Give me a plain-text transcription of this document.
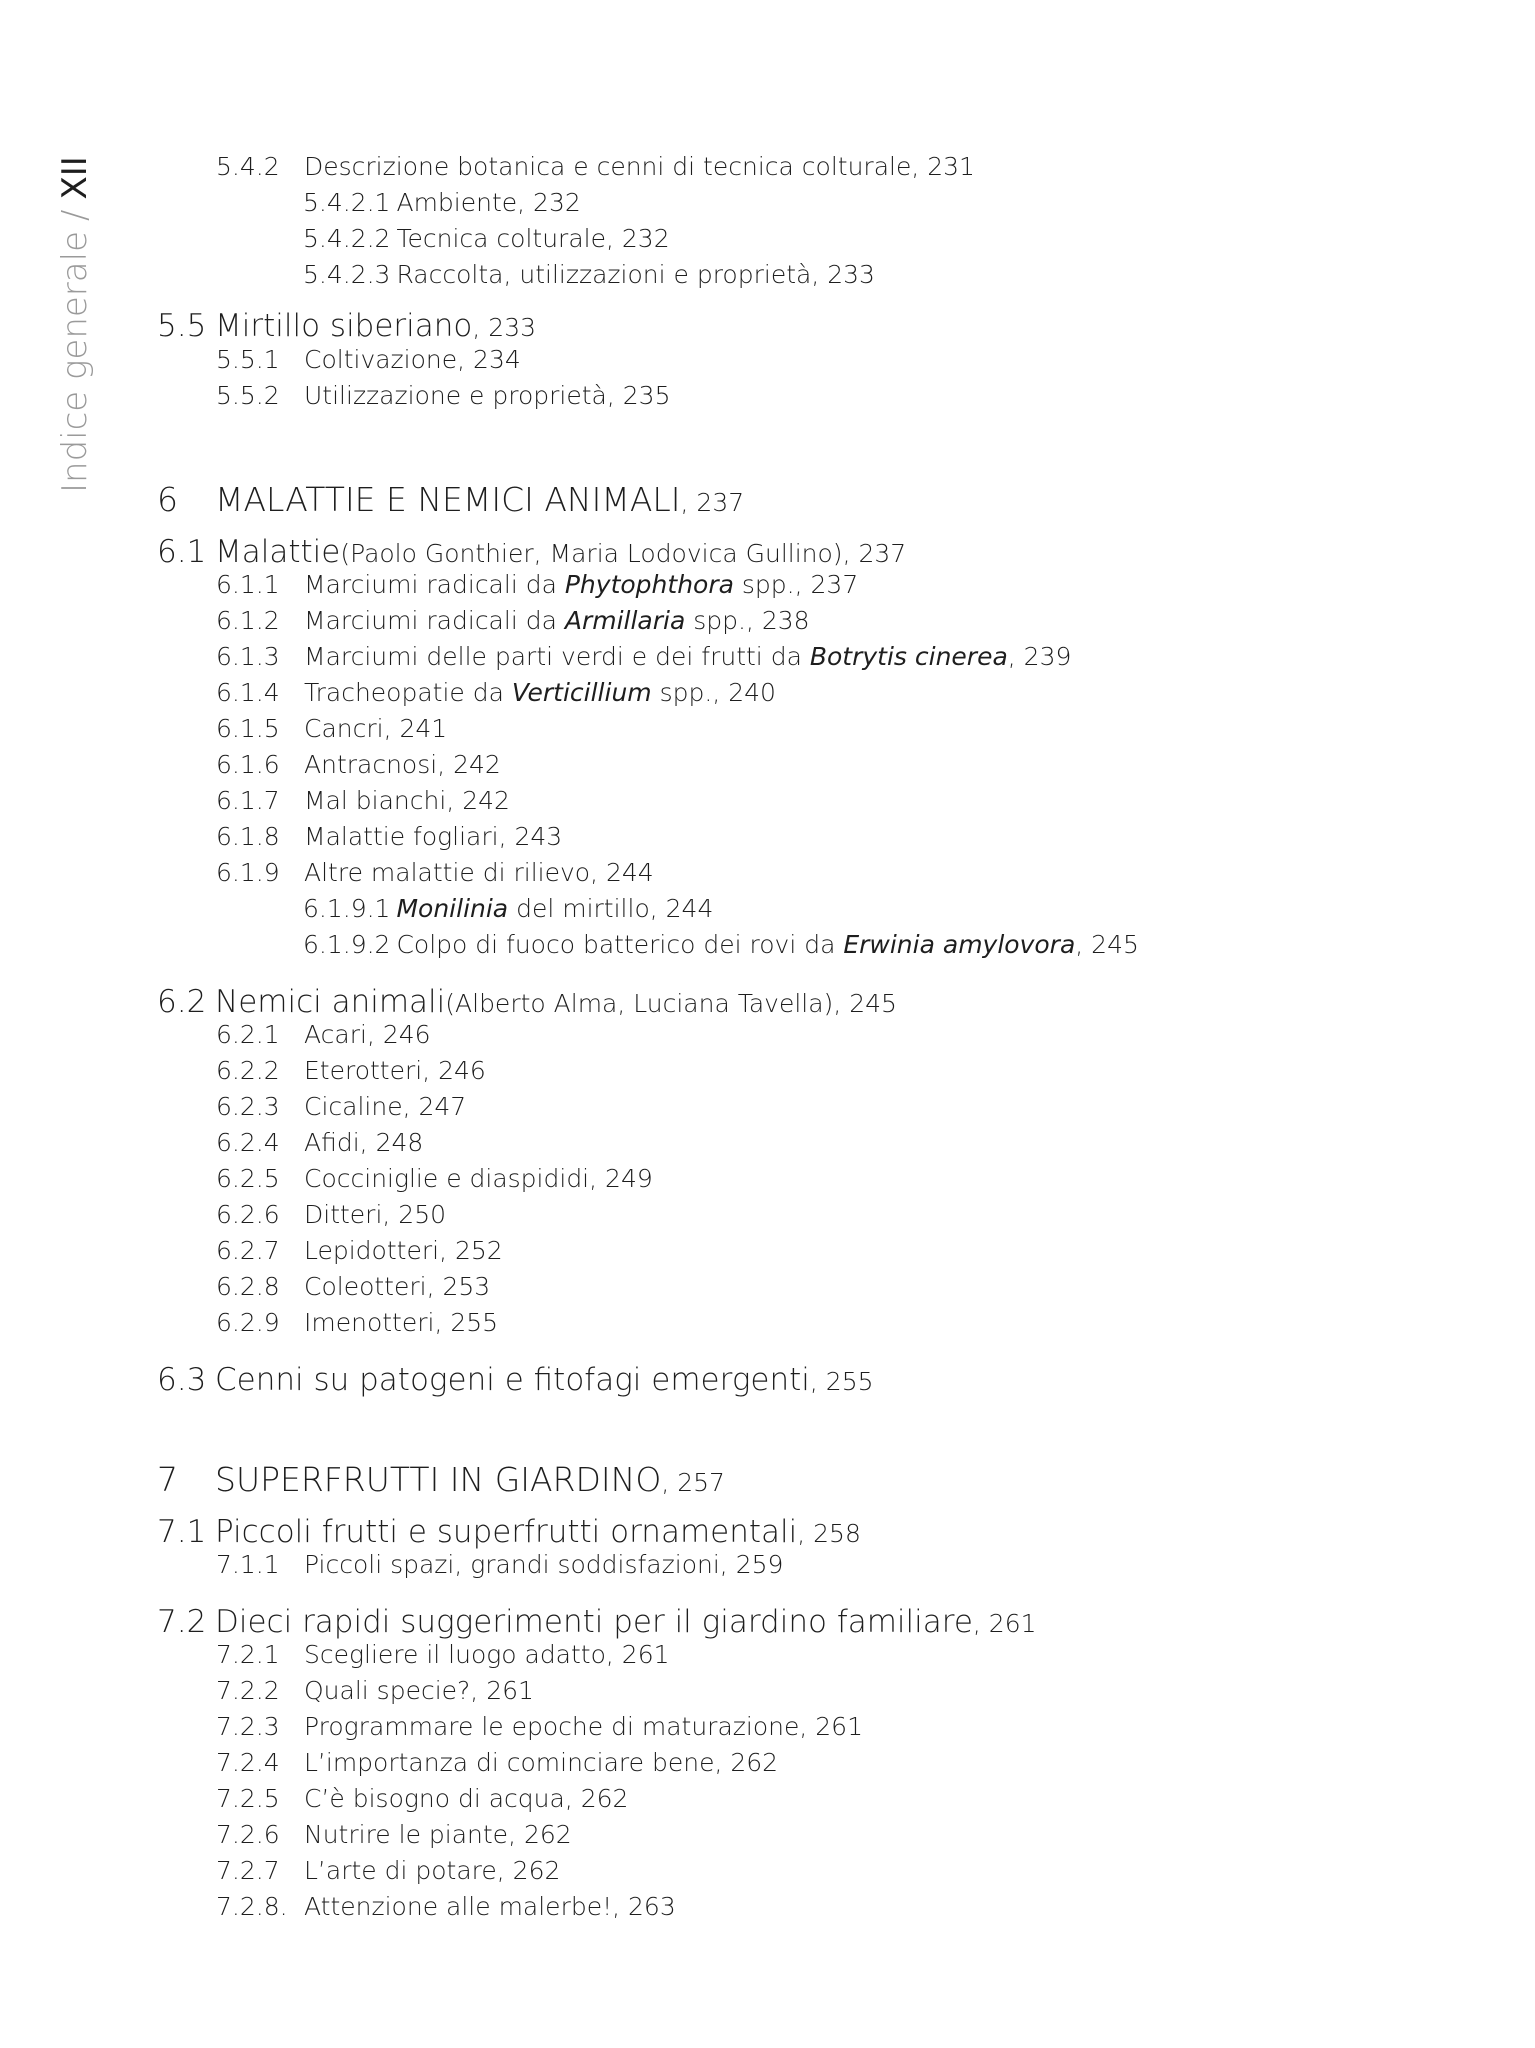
Indice generale
/
XII	5.4.2 Descrizione botanica e cenni di tecnica colturale , 231
5.4.2.1 Ambiente , 232
5.4.2.2 Tecnica colturale , 232
5.4.2.3 Raccolta, utilizzazioni e proprietà , 233
5.5 Mirtillo siberiano , 233
5.5.1 Coltivazione , 234
5.5.2 Utilizzazione e proprietà , 235
6	MALATTIE E NEMICI ANIMALI , 237
6.1 Malattie (Paolo Gonthier, Maria Lodovica Gullino) , 237
6.1.1 Marciumi radicali da Phytophthora spp. , 237
6.1.2 Marciumi radicali da Armillaria spp. , 238
6.1.3 Marciumi delle parti verdi e dei frutti da Botrytis cinerea , 239
6.1.4 Tracheopatie da Verticillium spp. , 240
6.1.5 Cancri , 241
6.1.6 Antracnosi , 242
6.1.7 Mal bianchi , 242
6.1.8 Malattie fogliari , 243
6.1.9 Altre malattie di rilievo , 244
6.1.9.1 Monilinia del mirtillo , 244
6.1.9.2 Colpo di fuoco batterico dei rovi da Erwinia amylovora , 245
6.2 Nemici animali (Alberto Alma, Luciana Tavella) , 245
6.2.1 Acari , 246
6.2.2 Eterotteri , 246
6.2.3 Cicaline , 247
6.2.4 Afidi , 248
6.2.5 Cocciniglie e diaspididi , 249
6.2.6 Ditteri , 250
6.2.7 Lepidotteri , 252
6.2.8 Coleotteri , 253
6.2.9 Imenotteri , 255
6.3 Cenni su patogeni e fitofagi emergenti , 255
7	SUPERFRUTTI IN GIARDINO , 257
7.1 Piccoli frutti e superfrutti ornamentali , 258
7.1.1 Piccoli spazi, grandi soddisfazioni , 259
7.2 Dieci rapidi suggerimenti per il giardino familiare , 261
7.2.1 Scegliere il luogo adatto , 261
7.2.2 Quali specie? , 261
7.2.3 Programmare le epoche di maturazione , 261
7.2.4 L’importanza di cominciare bene , 262
7.2.5 C’è bisogno di acqua , 262
7.2.6 Nutrire le piante , 262
7.2.7 L’arte di potare , 262
7.2.8. Attenzione alle malerbe! , 263
